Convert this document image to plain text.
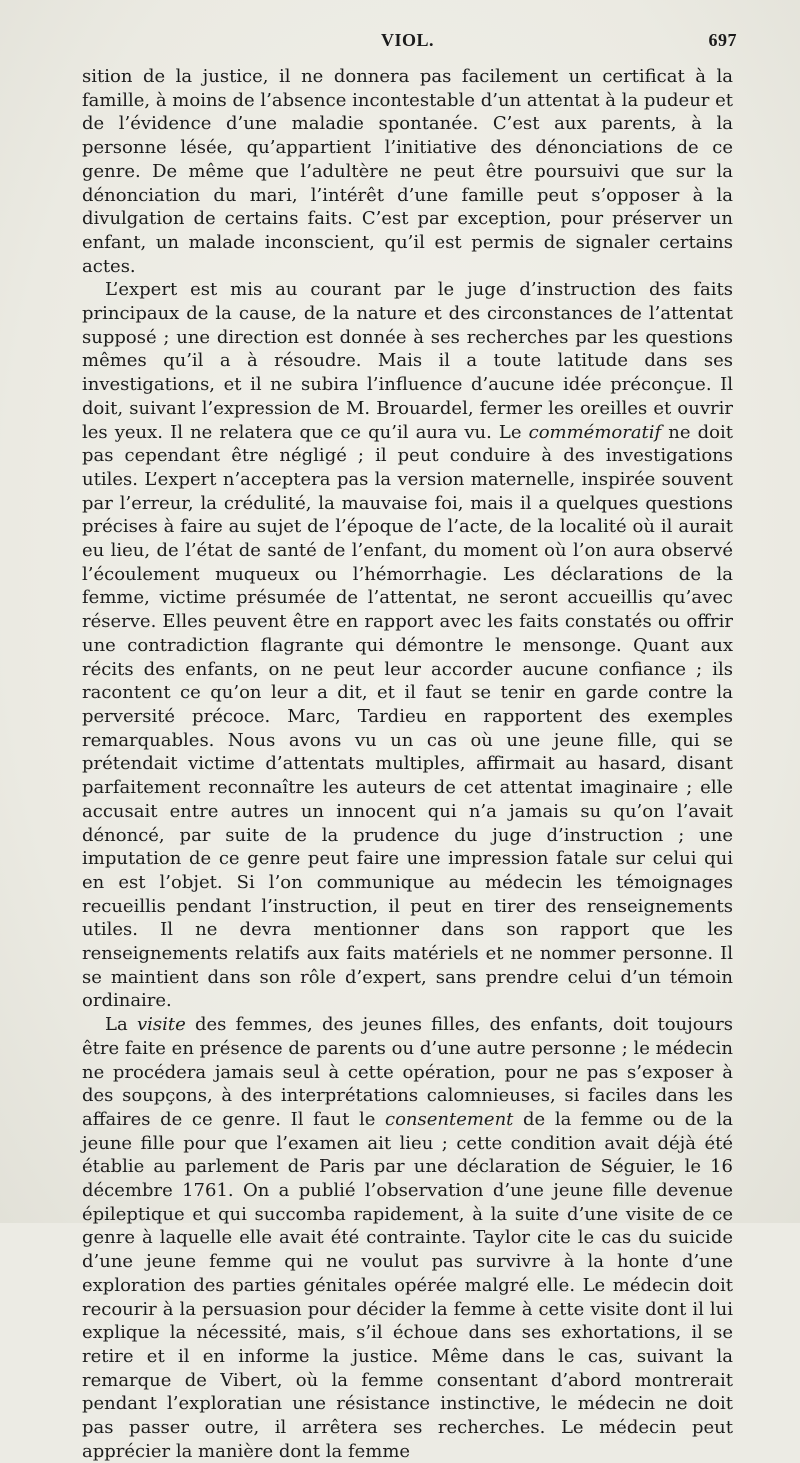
VIOL.	697

sition de la justice, il ne donnera pas facilement un certificat à la famille, à moins de l’absence incontestable d’un attentat à la pudeur et de l’évidence d’une maladie spontanée. C’est aux parents, à la personne lésée, qu’appartient l’initiative des dénonciations de ce genre. De même que l’adultère ne peut être poursuivi que sur la dénonciation du mari, l’intérêt d’une famille peut s’opposer à la divulgation de certains faits. C’est par exception, pour préserver un enfant, un malade inconscient, qu’il est permis de signaler certains actes.

L’expert est mis au courant par le juge d’instruction des faits principaux de la cause, de la nature et des circonstances de l’attentat supposé ; une direction est donnée à ses recherches par les questions mêmes qu’il a à résoudre. Mais il a toute latitude dans ses investigations, et il ne subira l’influence d’aucune idée préconçue. Il doit, suivant l’expression de M. Brouardel, fermer les oreilles et ouvrir les yeux. Il ne relatera que ce qu’il aura vu. Le commémoratif ne doit pas cependant être négligé ; il peut conduire à des investigations utiles. L’expert n’acceptera pas la version maternelle, inspirée souvent par l’erreur, la crédulité, la mauvaise foi, mais il a quelques questions précises à faire au sujet de l’époque de l’acte, de la localité où il aurait eu lieu, de l’état de santé de l’enfant, du moment où l’on aura observé l’écoulement muqueux ou l’hémorrhagie. Les déclarations de la femme, victime présumée de l’attentat, ne seront accueillis qu’avec réserve. Elles peuvent être en rapport avec les faits constatés ou offrir une contradiction flagrante qui démontre le mensonge. Quant aux récits des enfants, on ne peut leur accorder aucune confiance ; ils racontent ce qu’on leur a dit, et il faut se tenir en garde contre la perversité précoce. Marc, Tardieu en rapportent des exemples remarquables. Nous avons vu un cas où une jeune fille, qui se prétendait victime d’attentats multiples, affirmait au hasard, disant parfaitement reconnaître les auteurs de cet attentat imaginaire ; elle accusait entre autres un innocent qui n’a jamais su qu’on l’avait dénoncé, par suite de la prudence du juge d’instruction ; une imputation de ce genre peut faire une impression fatale sur celui qui en est l’objet. Si l’on communique au médecin les témoignages recueillis pendant l’instruction, il peut en tirer des renseignements utiles. Il ne devra mentionner dans son rapport que les renseignements relatifs aux faits matériels et ne nommer personne. Il se maintient dans son rôle d’expert, sans prendre celui d’un témoin ordinaire.

La visite des femmes, des jeunes filles, des enfants, doit toujours être faite en présence de parents ou d’une autre personne ; le médecin ne procédera jamais seul à cette opération, pour ne pas s’exposer à des soupçons, à des interprétations calomnieuses, si faciles dans les affaires de ce genre. Il faut le consentement de la femme ou de la jeune fille pour que l’examen ait lieu ; cette condition avait déjà été établie au parlement de Paris par une déclaration de Séguier, le 16 décembre 1761. On a publié l’observation d’une jeune fille devenue épileptique et qui succomba rapidement, à la suite d’une visite de ce genre à laquelle elle avait été contrainte. Taylor cite le cas du suicide d’une jeune femme qui ne voulut pas survivre à la honte d’une exploration des parties génitales opérée malgré elle. Le médecin doit recourir à la persuasion pour décider la femme à cette visite dont il lui explique la nécessité, mais, s’il échoue dans ses exhortations, il se retire et il en informe la justice. Même dans le cas, suivant la remarque de Vibert, où la femme consentant d’abord montrerait pendant l’exploratian une résistance instinctive, le médecin ne doit pas passer outre, il arrêtera ses recherches. Le médecin peut apprécier la manière dont la femme
